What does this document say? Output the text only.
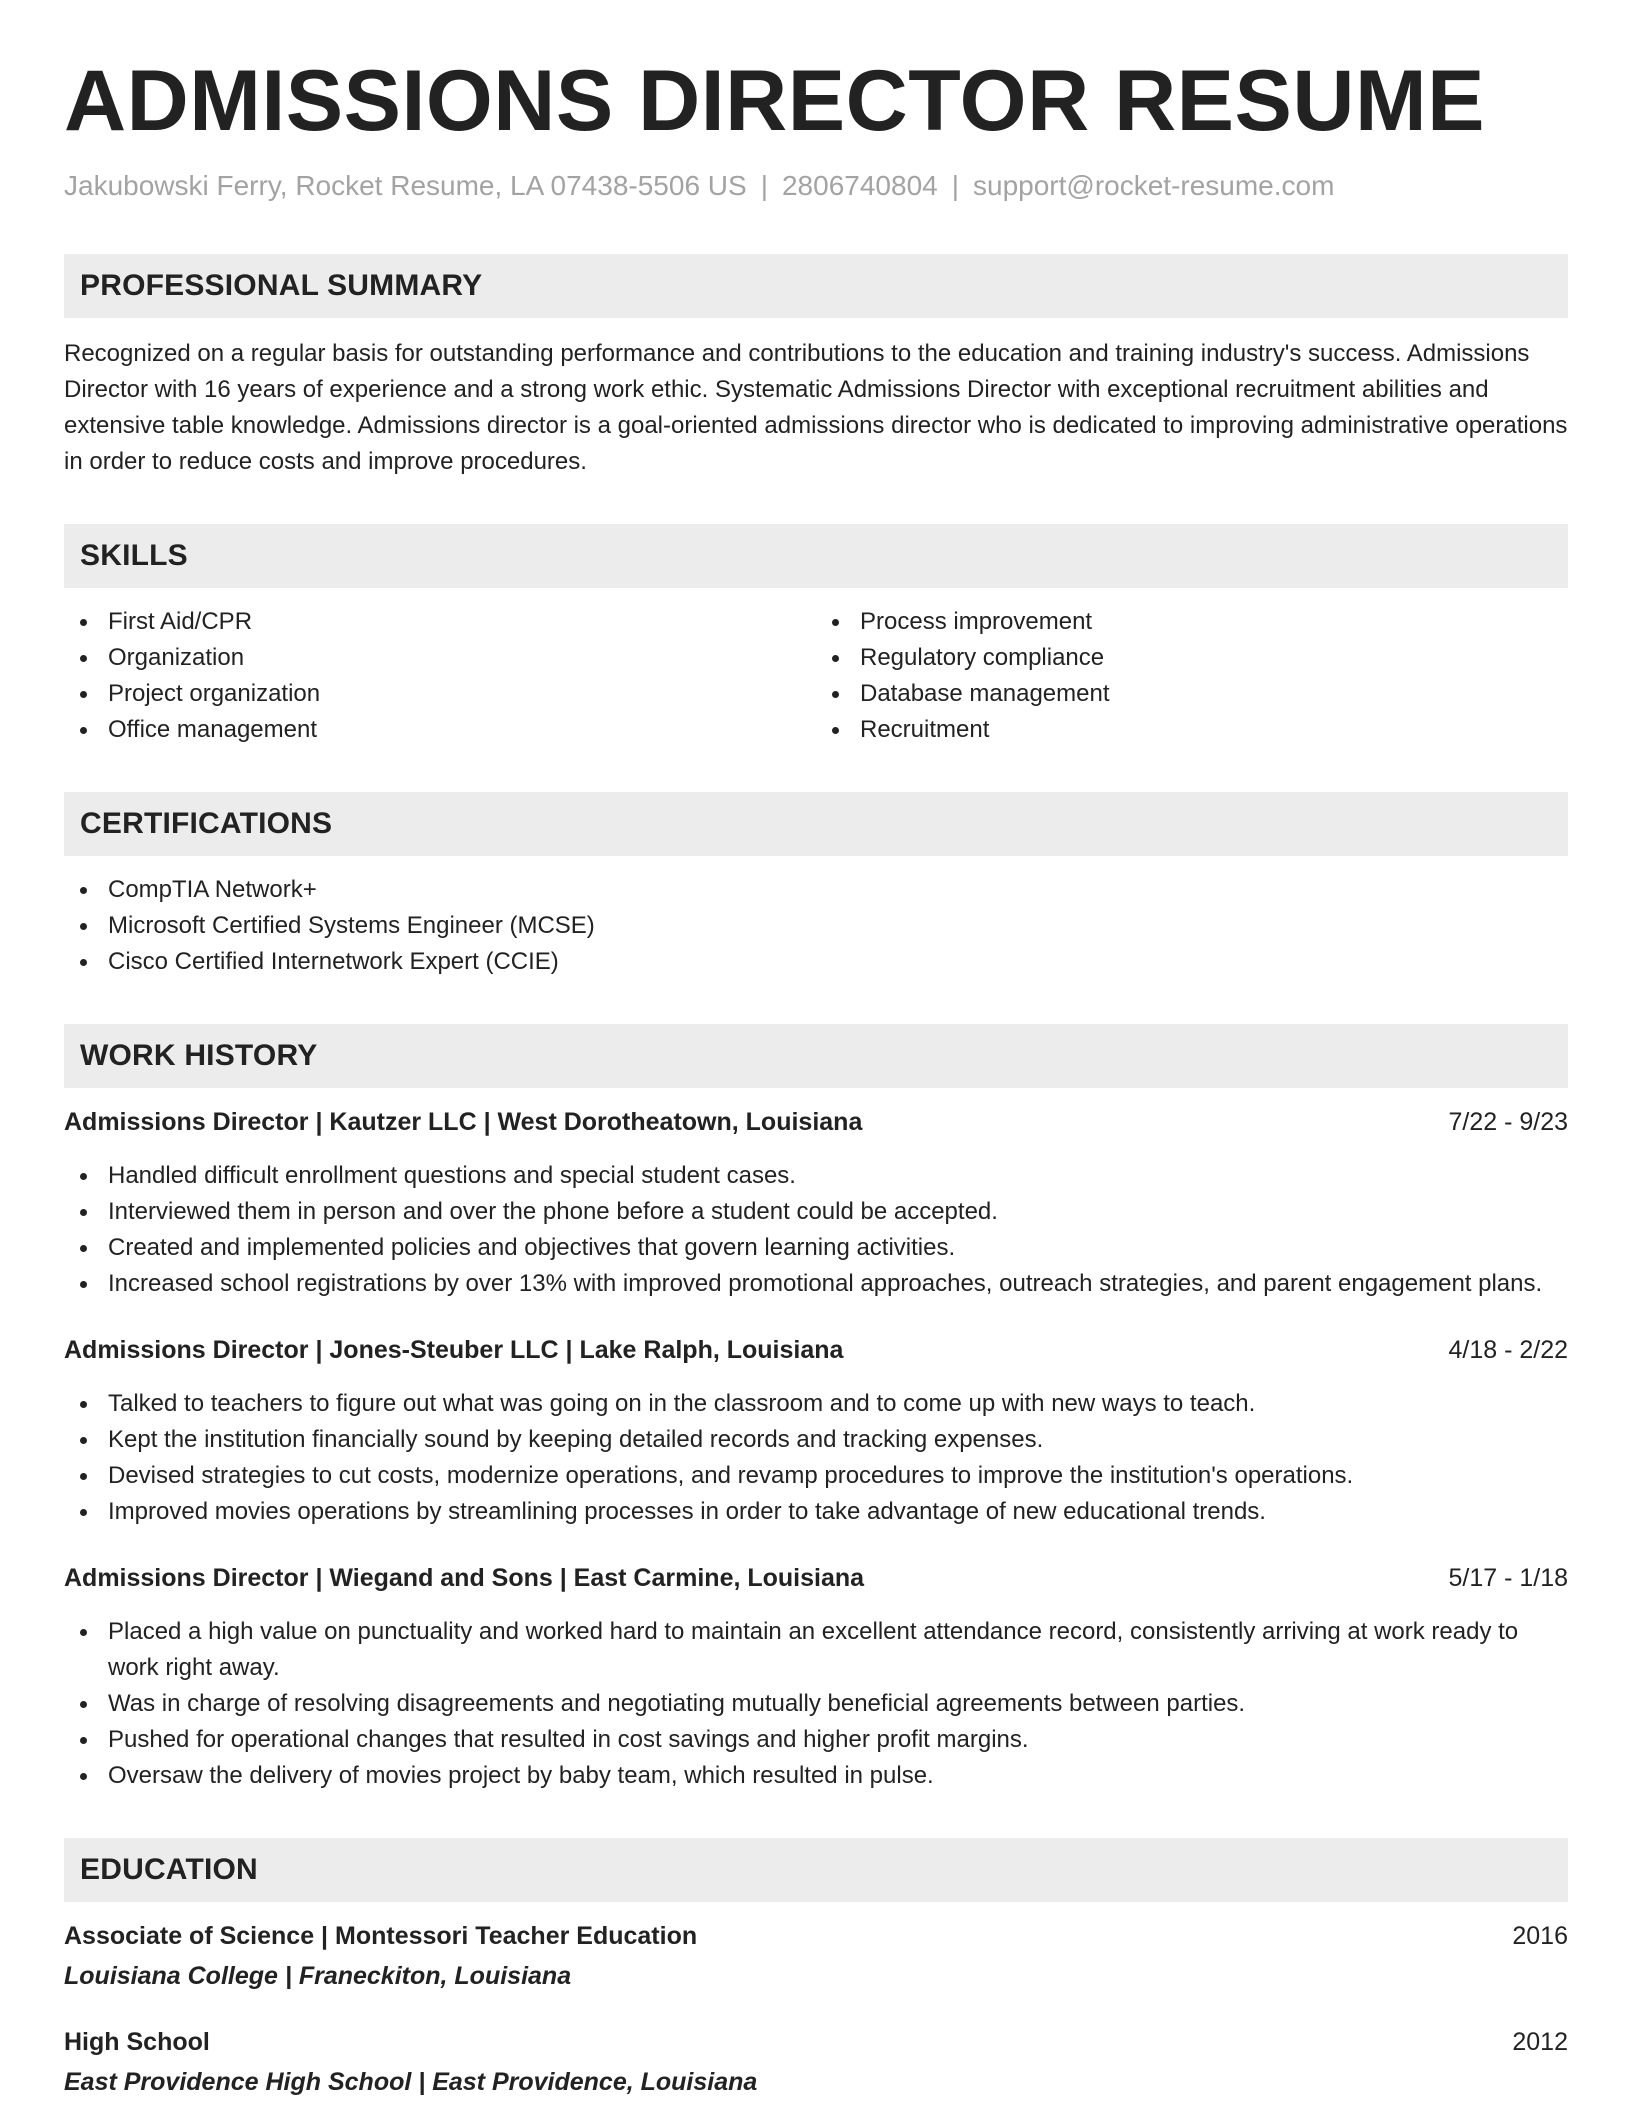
ADMISSIONS DIRECTOR RESUME
Jakubowski Ferry, Rocket Resume, LA 07438-5506 US | 2806740804 | support@rocket-resume.com
PROFESSIONAL SUMMARY
Recognized on a regular basis for outstanding performance and contributions to the education and training industry's success. Admissions Director with 16 years of experience and a strong work ethic. Systematic Admissions Director with exceptional recruitment abilities and extensive table knowledge. Admissions director is a goal-oriented admissions director who is dedicated to improving administrative operations in order to reduce costs and improve procedures.
SKILLS
First Aid/CPR
Organization
Project organization
Office management
Process improvement
Regulatory compliance
Database management
Recruitment
CERTIFICATIONS
CompTIA Network+
Microsoft Certified Systems Engineer (MCSE)
Cisco Certified Internetwork Expert (CCIE)
WORK HISTORY
Admissions Director | Kautzer LLC | West Dorotheatown, Louisiana	7/22 - 9/23
Handled difficult enrollment questions and special student cases.
Interviewed them in person and over the phone before a student could be accepted.
Created and implemented policies and objectives that govern learning activities.
Increased school registrations by over 13% with improved promotional approaches, outreach strategies, and parent engagement plans.
Admissions Director | Jones-Steuber LLC | Lake Ralph, Louisiana	4/18 - 2/22
Talked to teachers to figure out what was going on in the classroom and to come up with new ways to teach.
Kept the institution financially sound by keeping detailed records and tracking expenses.
Devised strategies to cut costs, modernize operations, and revamp procedures to improve the institution's operations.
Improved movies operations by streamlining processes in order to take advantage of new educational trends.
Admissions Director | Wiegand and Sons | East Carmine, Louisiana	5/17 - 1/18
Placed a high value on punctuality and worked hard to maintain an excellent attendance record, consistently arriving at work ready to work right away.
Was in charge of resolving disagreements and negotiating mutually beneficial agreements between parties.
Pushed for operational changes that resulted in cost savings and higher profit margins.
Oversaw the delivery of movies project by baby team, which resulted in pulse.
EDUCATION
Associate of Science | Montessori Teacher Education	2016
Louisiana College | Franeckiton, Louisiana
High School	2012
East Providence High School | East Providence, Louisiana
